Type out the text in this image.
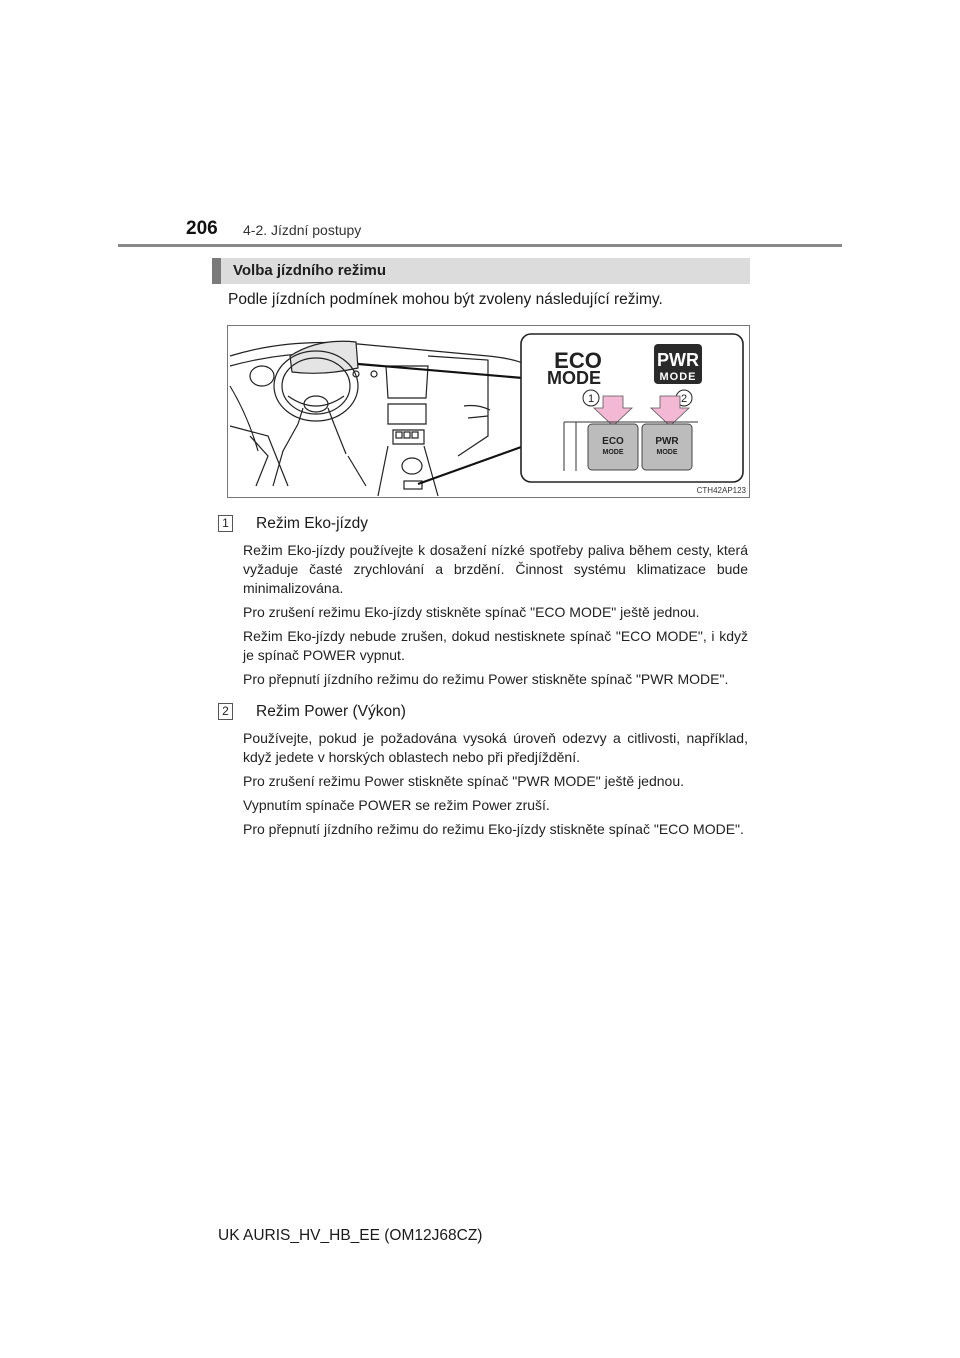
206 4-2. Jízdní postupy
Volba jízdního režimu
Podle jízdních podmínek mohou být zvoleny následující režimy.
ECO
MODE
PWR
MODE
1	2
ECO
MODE
PWR
MODE
CTH42AP123
1 Režim Eko-jízdy
Režim Eko-jízdy používejte k dosažení nízké spotřeby paliva během cesty, která vyžaduje časté zrychlování a brzdění. Činnost systému klimatizace bude minimalizována.
Pro zrušení režimu Eko-jízdy stiskněte spínač "ECO MODE" ještě jednou.
Režim Eko-jízdy nebude zrušen, dokud nestisknete spínač "ECO MODE", i když je spínač POWER vypnut.
Pro přepnutí jízdního režimu do režimu Power stiskněte spínač "PWR MODE".
2 Režim Power (Výkon)
Používejte, pokud je požadována vysoká úroveň odezvy a citlivosti, například, když jedete v horských oblastech nebo při předjíždění.
Pro zrušení režimu Power stiskněte spínač "PWR MODE" ještě jednou.
Vypnutím spínače POWER se režim Power zruší.
Pro přepnutí jízdního režimu do režimu Eko-jízdy stiskněte spínač "ECO MODE".
UK AURIS_HV_HB_EE (OM12J68CZ)
